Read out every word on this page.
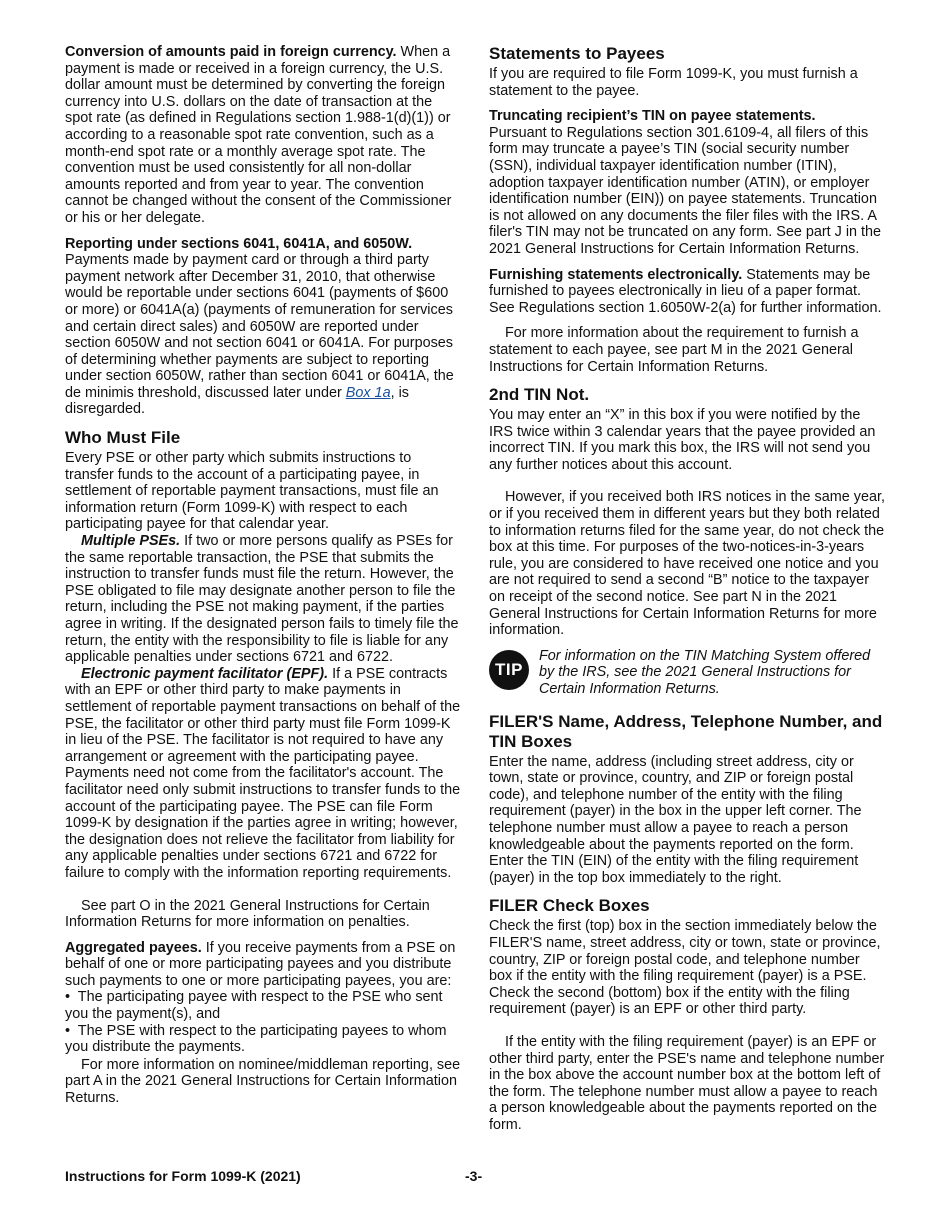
Conversion of amounts paid in foreign currency. When a payment is made or received in a foreign currency, the U.S. dollar amount must be determined by converting the foreign currency into U.S. dollars on the date of transaction at the spot rate (as defined in Regulations section 1.988-1(d)(1)) or according to a reasonable spot rate convention, such as a month-end spot rate or a monthly average spot rate. The convention must be used consistently for all non-dollar amounts reported and from year to year. The convention cannot be changed without the consent of the Commissioner or his or her delegate.

Reporting under sections 6041, 6041A, and 6050W. Payments made by payment card or through a third party payment network after December 31, 2010, that otherwise would be reportable under sections 6041 (payments of $600 or more) or 6041A(a) (payments of remuneration for services and certain direct sales) and 6050W are reported under section 6050W and not section 6041 or 6041A. For purposes of determining whether payments are subject to reporting under section 6050W, rather than section 6041 or 6041A, the de minimis threshold, discussed later under Box 1a, is disregarded.

Who Must File

Every PSE or other party which submits instructions to transfer funds to the account of a participating payee, in settlement of reportable payment transactions, must file an information return (Form 1099-K) with respect to each participating payee for that calendar year.

Multiple PSEs. If two or more persons qualify as PSEs for the same reportable transaction, the PSE that submits the instruction to transfer funds must file the return. However, the PSE obligated to file may designate another person to file the return, including the PSE not making payment, if the parties agree in writing. If the designated person fails to timely file the return, the entity with the responsibility to file is liable for any applicable penalties under sections 6721 and 6722.

Electronic payment facilitator (EPF). If a PSE contracts with an EPF or other third party to make payments in settlement of reportable payment transactions on behalf of the PSE, the facilitator or other third party must file Form 1099-K in lieu of the PSE. The facilitator is not required to have any arrangement or agreement with the participating payee. Payments need not come from the facilitator's account. The facilitator need only submit instructions to transfer funds to the account of the participating payee. The PSE can file Form 1099-K by designation if the parties agree in writing; however, the designation does not relieve the facilitator from liability for any applicable penalties under sections 6721 and 6722 for failure to comply with the information reporting requirements.

See part O in the 2021 General Instructions for Certain Information Returns for more information on penalties.

Aggregated payees. If you receive payments from a PSE on behalf of one or more participating payees and you distribute such payments to one or more participating payees, you are:

•  The participating payee with respect to the PSE who sent you the payment(s), and

•  The PSE with respect to the participating payees to whom you distribute the payments.

For more information on nominee/middleman reporting, see part A in the 2021 General Instructions for Certain Information Returns.

Statements to Payees

If you are required to file Form 1099-K, you must furnish a statement to the payee.

Truncating recipient’s TIN on payee statements.
Pursuant to Regulations section 301.6109-4, all filers of this form may truncate a payee’s TIN (social security number (SSN), individual taxpayer identification number (ITIN), adoption taxpayer identification number (ATIN), or employer identification number (EIN)) on payee statements. Truncation is not allowed on any documents the filer files with the IRS. A filer's TIN may not be truncated on any form. See part J in the 2021 General Instructions for Certain Information Returns.

Furnishing statements electronically. Statements may be furnished to payees electronically in lieu of a paper format. See Regulations section 1.6050W-2(a) for further information.

For more information about the requirement to furnish a statement to each payee, see part M in the 2021 General Instructions for Certain Information Returns.

2nd TIN Not.

You may enter an “X” in this box if you were notified by the IRS twice within 3 calendar years that the payee provided an incorrect TIN. If you mark this box, the IRS will not send you any further notices about this account.

However, if you received both IRS notices in the same year, or if you received them in different years but they both related to information returns filed for the same year, do not check the box at this time. For purposes of the two-notices-in-3-years rule, you are considered to have received one notice and you are not required to send a second “B” notice to the taxpayer on receipt of the second notice. See part N in the 2021 General Instructions for Certain Information Returns for more information.

TIP
For information on the TIN Matching System offered by the IRS, see the 2021 General Instructions for Certain Information Returns.
FILER'S Name, Address, Telephone Number, and TIN Boxes

Enter the name, address (including street address, city or town, state or province, country, and ZIP or foreign postal code), and telephone number of the entity with the filing requirement (payer) in the box in the upper left corner. The telephone number must allow a payee to reach a person knowledgeable about the payments reported on the form. Enter the TIN (EIN) of the entity with the filing requirement (payer) in the top box immediately to the right.

FILER Check Boxes

Check the first (top) box in the section immediately below the FILER'S name, street address, city or town, state or province, country, ZIP or foreign postal code, and telephone number box if the entity with the filing requirement (payer) is a PSE. Check the second (bottom) box if the entity with the filing requirement (payer) is an EPF or other third party.

If the entity with the filing requirement (payer) is an EPF or other third party, enter the PSE's name and telephone number in the box above the account number box at the bottom left of the form. The telephone number must allow a payee to reach a person knowledgeable about the payments reported on the form.

Instructions for Form 1099-K (2021)	-3-
